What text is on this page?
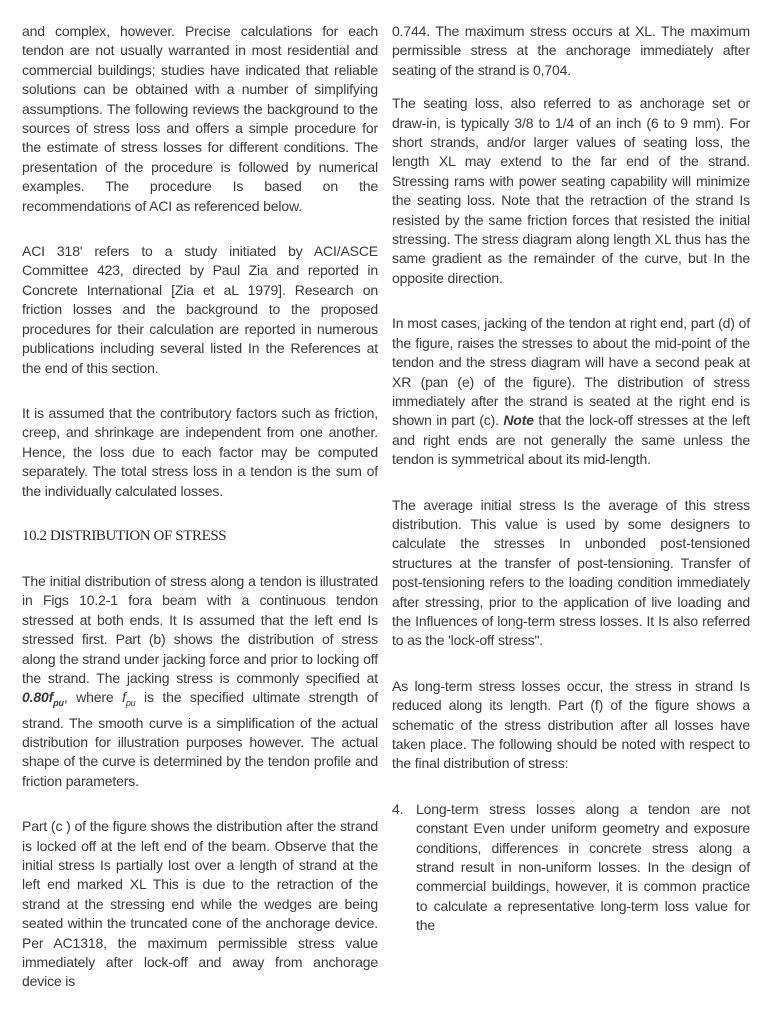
and complex, however. Precise calculations for each tendon are not usually warranted in most residential and commercial buildings; studies have indicated that reliable solutions can be obtained with a number of simplifying assumptions. The following reviews the background to the sources of stress loss and offers a simple procedure for the estimate of stress losses for different conditions. The presentation of the procedure is followed by numerical examples. The procedure Is based on the recommendations of ACI as referenced below.

ACI 318' refers to a study initiated by ACI/ASCE Committee 423, directed by Paul Zia and reported in Concrete International [Zia et aL 1979]. Research on friction losses and the background to the proposed procedures for their calculation are reported in numerous publications including several listed In the References at the end of this section.

It is assumed that the contributory factors such as friction, creep, and shrinkage are independent from one another. Hence, the loss due to each factor may be computed separately. The total stress loss in a tendon is the sum of the individually calculated losses.

10.2 DISTRIBUTION OF STRESS

The initial distribution of stress along a tendon is illustrated in Figs 10.2-1 fora beam with a continuous tendon stressed at both ends. It Is assumed that the left end Is stressed first. Part (b) shows the distribution of stress along the strand under jacking force and prior to locking off the strand. The jacking stress is commonly specified at $0.80f_{pu}$, where $f_{pu}$ is the specified ultimate strength of strand. The smooth curve is a simplification of the actual distribution for illustration purposes however. The actual shape of the curve is determined by the tendon profile and friction parameters.

Part (c ) of the figure shows the distribution after the strand is locked off at the left end of the beam. Observe that the initial stress Is partially lost over a length of strand at the left end marked XL This is due to the retraction of the strand at the stressing end while the wedges are being seated within the truncated cone of the anchorage device. Per AC1318, the maximum permissible stress value immediately after lock-off and away from anchorage device is

0.744. The maximum stress occurs at XL. The maximum permissible stress at the anchorage immediately after seating of the strand is 0,704.

The seating loss, also referred to as anchorage set or draw-in, is typically 3/8 to 1/4 of an inch (6 to 9 mm). For short strands, and/or larger values of seating loss, the length XL may extend to the far end of the strand. Stressing rams with power seating capability will minimize the seating loss. Note that the retraction of the strand Is resisted by the same friction forces that resisted the initial stressing. The stress diagram along length XL thus has the same gradient as the remainder of the curve, but In the opposite direction.

In most cases, jacking of the tendon at right end, part (d) of the figure, raises the stresses to about the mid-point of the tendon and the stress diagram will have a second peak at XR (pan (e) of the figure). The distribution of stress immediately after the strand is seated at the right end is shown in part (c). Note that the lock-off stresses at the left and right ends are not generally the same unless the tendon is symmetrical about its mid-length.

The average initial stress Is the average of this stress distribution. This value is used by some designers to calculate the stresses In unbonded post-tensioned structures at the transfer of post-tensioning. Transfer of post-tensioning refers to the loading condition immediately after stressing, prior to the application of live loading and the Influences of long-term stress losses. It Is also referred to as the 'lock-off stress".

As long-term stress losses occur, the stress in strand Is reduced along its length. Part (f) of the figure shows a schematic of the stress distribution after all losses have taken place. The following should be noted with respect to the final distribution of stress:

4. Long-term stress losses along a tendon are not constant Even under uniform geometry and exposure conditions, differences in concrete stress along a strand result in non-uniform losses. In the design of commercial buildings, however, it is common practice to calculate a representative long-term loss value for the
